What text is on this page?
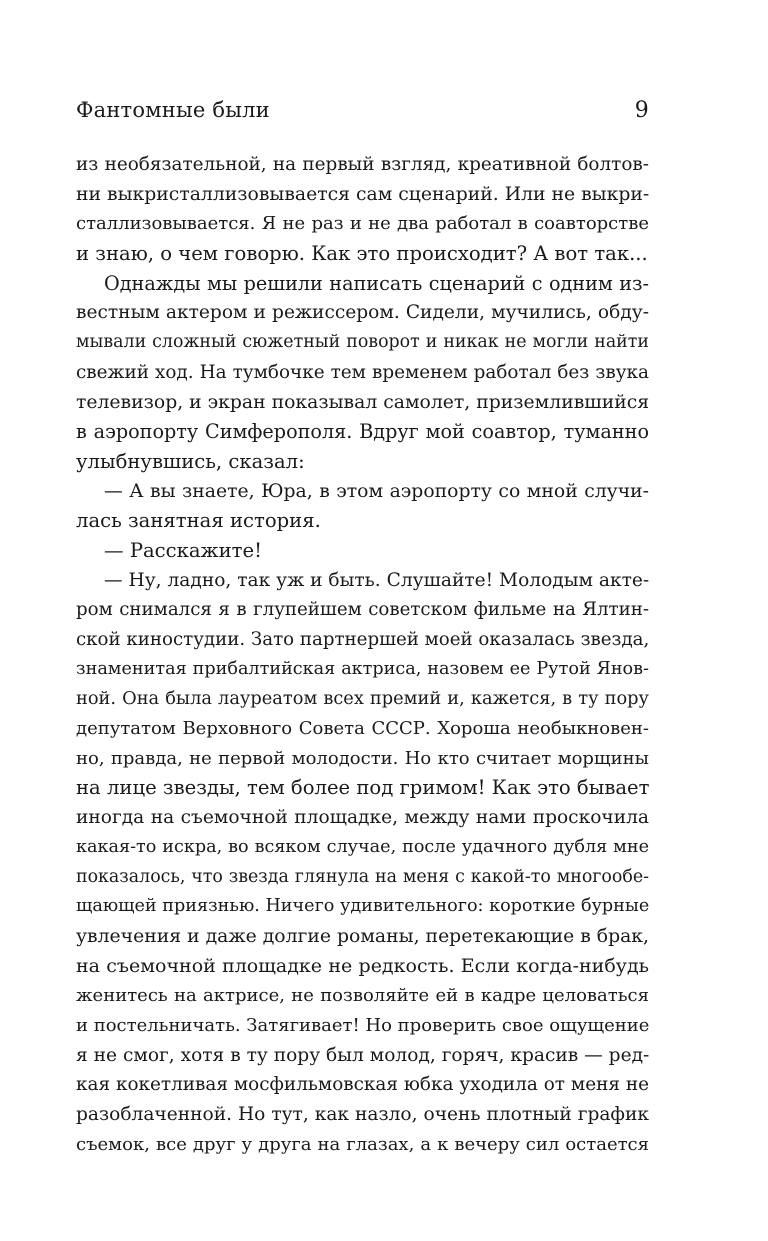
Фантомные были	9
из необязательной, на первый взгляд, креативной болтов-
ни выкристаллизовывается сам сценарий. Или не выкри-
сталлизовывается. Я не раз и не два работал в соавторстве
и знаю, о чем говорю. Как это происходит? А вот так...
Однажды мы решили написать сценарий с одним из-
вестным актером и режиссером. Сидели, мучились, обду-
мывали сложный сюжетный поворот и никак не могли найти
свежий ход. На тумбочке тем временем работал без звука
телевизор, и экран показывал самолет, приземлившийся
в аэропорту Симферополя. Вдруг мой соавтор, туманно
улыбнувшись, сказал:
— А вы знаете, Юра, в этом аэропорту со мной случи-
лась занятная история.
— Расскажите!
— Ну, ладно, так уж и быть. Слушайте! Молодым акте-
ром снимался я в глупейшем советском фильме на Ялтин-
ской киностудии. Зато партнершей моей оказалась звезда,
знаменитая прибалтийская актриса, назовем ее Рутой Янов-
ной. Она была лауреатом всех премий и, кажется, в ту пору
депутатом Верховного Совета СССР. Хороша необыкновен-
но, правда, не первой молодости. Но кто считает морщины
на лице звезды, тем более под гримом! Как это бывает
иногда на съемочной площадке, между нами проскочила
какая-то искра, во всяком случае, после удачного дубля мне
показалось, что звезда глянула на меня с какой-то многообе-
щающей приязнью. Ничего удивительного: короткие бурные
увлечения и даже долгие романы, перетекающие в брак,
на съемочной площадке не редкость. Если когда-нибудь
женитесь на актрисе, не позволяйте ей в кадре целоваться
и постельничать. Затягивает! Но проверить свое ощущение
я не смог, хотя в ту пору был молод, горяч, красив — ред-
кая кокетливая мосфильмовская юбка уходила от меня не
разоблаченной. Но тут, как назло, очень плотный график
съемок, все друг у друга на глазах, а к вечеру сил остается
